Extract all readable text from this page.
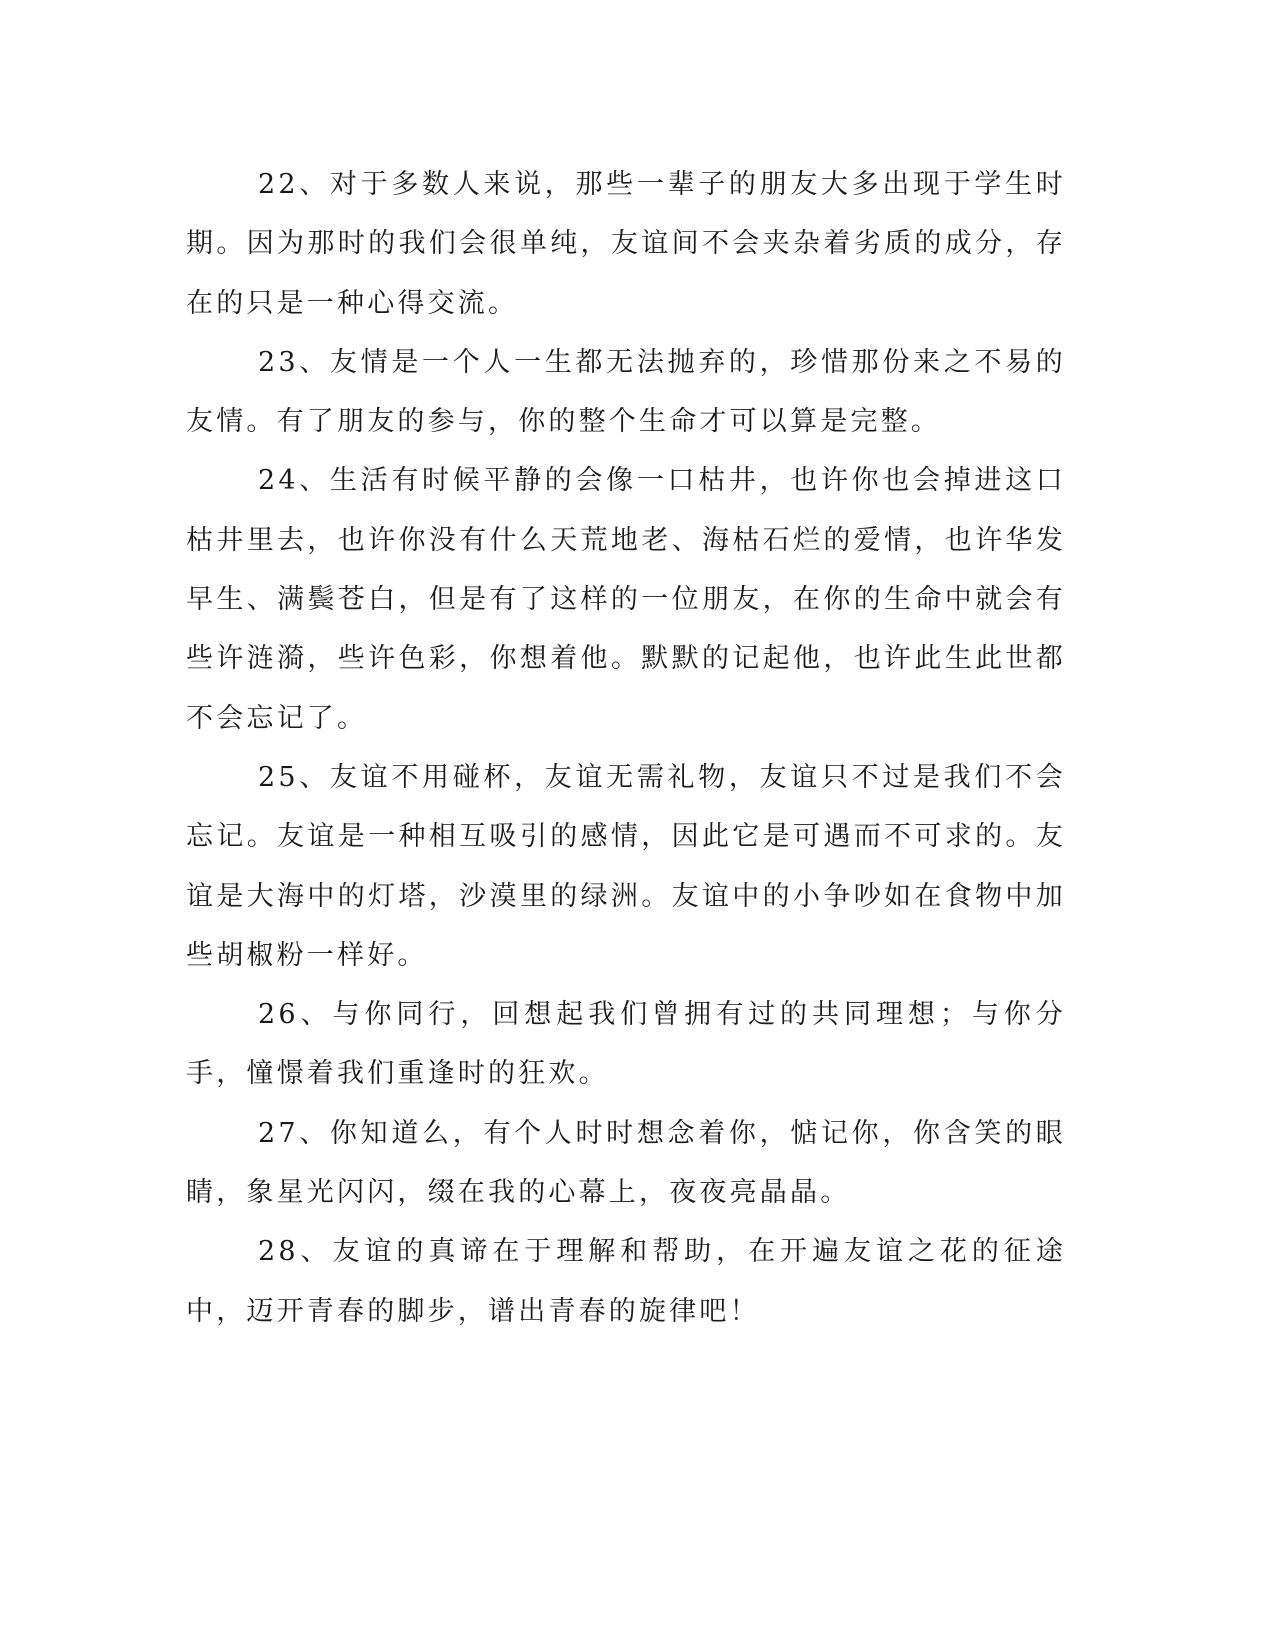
22、对于多数人来说，那些一辈子的朋友大多出现于学生时期。因为那时的我们会很单纯，友谊间不会夹杂着劣质的成分，存在的只是一种心得交流。

23、友情是一个人一生都无法抛弃的，珍惜那份来之不易的友情。有了朋友的参与，你的整个生命才可以算是完整。

24、生活有时候平静的会像一口枯井，也许你也会掉进这口枯井里去，也许你没有什么天荒地老、海枯石烂的爱情，也许华发早生、满鬓苍白，但是有了这样的一位朋友，在你的生命中就会有些许涟漪，些许色彩，你想着他。默默的记起他，也许此生此世都不会忘记了。

25、友谊不用碰杯，友谊无需礼物，友谊只不过是我们不会忘记。友谊是一种相互吸引的感情，因此它是可遇而不可求的。友谊是大海中的灯塔，沙漠里的绿洲。友谊中的小争吵如在食物中加些胡椒粉一样好。

26、与你同行，回想起我们曾拥有过的共同理想；与你分手，憧憬着我们重逢时的狂欢。

27、你知道么，有个人时时想念着你，惦记你，你含笑的眼睛，象星光闪闪，缀在我的心幕上，夜夜亮晶晶。

28、友谊的真谛在于理解和帮助，在开遍友谊之花的征途中，迈开青春的脚步，谱出青春的旋律吧！
